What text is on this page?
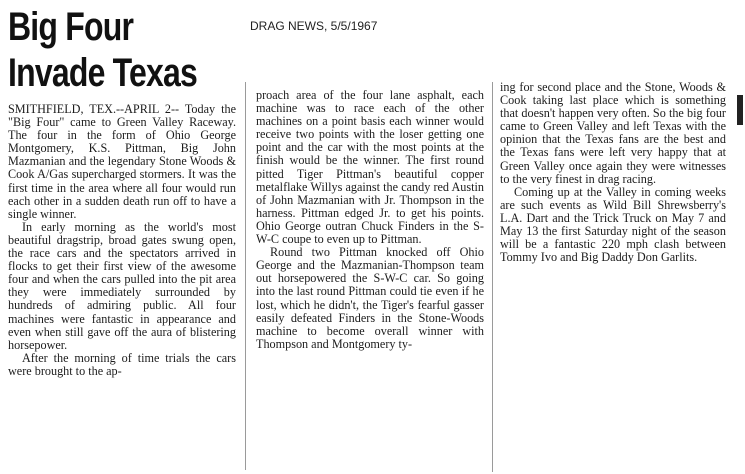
Big Four
Invade Texas
DRAG NEWS, 5/5/1967

SMITHFIELD, TEX.--APRIL 2-- Today the "Big Four" came to Green Valley Raceway. The four in the form of Ohio George Montgomery, K.S. Pittman, Big John Mazmanian and the legendary Stone Woods & Cook A/Gas supercharged stormers. It was the first time in the area where all four would run each other in a sudden death run off to have a single winner.

In early morning as the world's most beautiful dragstrip, broad gates swung open, the race cars and the spectators arrived in flocks to get their first view of the awesome four and when the cars pulled into the pit area they were immediately surrounded by hundreds of admiring public. All four machines were fantastic in appearance and even when still gave off the aura of blistering horsepower.

After the morning of time trials the cars were brought to the ap-

proach area of the four lane asphalt, each machine was to race each of the other machines on a point basis each winner would receive two points with the loser getting one point and the car with the most points at the finish would be the winner. The first round pitted Tiger Pittman's beautiful copper metalflake Willys against the candy red Austin of John Mazmanian with Jr. Thompson in the harness. Pittman edged Jr. to get his points. Ohio George outran Chuck Finders in the S-W-C coupe to even up to Pittman.

Round two Pittman knocked off Ohio George and the Mazmanian-Thompson team out horsepowered the S-W-C car. So going into the last round Pittman could tie even if he lost, which he didn't, the Tiger's fearful gasser easily defeated Finders in the Stone-Woods machine to become overall winner with Thompson and Montgomery ty-

ing for second place and the Stone, Woods & Cook taking last place which is something that doesn't happen very often. So the big four came to Green Valley and left Texas with the opinion that the Texas fans are the best and the Texas fans were left very happy that at Green Valley once again they were witnesses to the very finest in drag racing.

Coming up at the Valley in coming weeks are such events as Wild Bill Shrewsberry's L.A. Dart and the Trick Truck on May 7 and May 13 the first Saturday night of the season will be a fantastic 220 mph clash between Tommy Ivo and Big Daddy Don Garlits.
